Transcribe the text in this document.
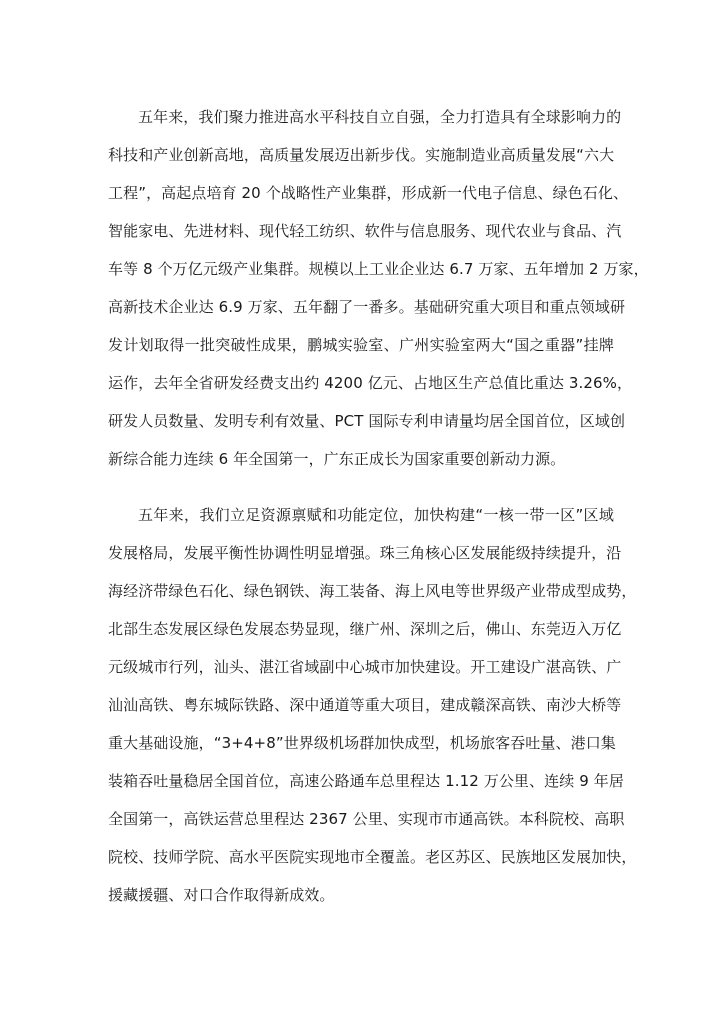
五年来，我们聚力推进高水平科技自立自强，全力打造具有全球影响力的
科技和产业创新高地，高质量发展迈出新步伐。实施制造业高质量发展“六大
工程”，高起点培育 20 个战略性产业集群，形成新一代电子信息、绿色石化、
智能家电、先进材料、现代轻工纺织、软件与信息服务、现代农业与食品、汽
车等 8 个万亿元级产业集群。规模以上工业企业达 6.7 万家、五年增加 2 万家，
高新技术企业达 6.9 万家、五年翻了一番多。基础研究重大项目和重点领域研
发计划取得一批突破性成果，鹏城实验室、广州实验室两大“国之重器”挂牌
运作，去年全省研发经费支出约 4200 亿元、占地区生产总值比重达 3.26%，
研发人员数量、发明专利有效量、PCT 国际专利申请量均居全国首位，区域创
新综合能力连续 6 年全国第一，广东正成长为国家重要创新动力源。

五年来，我们立足资源禀赋和功能定位，加快构建“一核一带一区”区域
发展格局，发展平衡性协调性明显增强。珠三角核心区发展能级持续提升，沿
海经济带绿色石化、绿色钢铁、海工装备、海上风电等世界级产业带成型成势，
北部生态发展区绿色发展态势显现，继广州、深圳之后，佛山、东莞迈入万亿
元级城市行列，汕头、湛江省域副中心城市加快建设。开工建设广湛高铁、广
汕汕高铁、粤东城际铁路、深中通道等重大项目，建成赣深高铁、南沙大桥等
重大基础设施，“3+4+8”世界级机场群加快成型，机场旅客吞吐量、港口集
装箱吞吐量稳居全国首位，高速公路通车总里程达 1.12 万公里、连续 9 年居
全国第一，高铁运营总里程达 2367 公里、实现市市通高铁。本科院校、高职
院校、技师学院、高水平医院实现地市全覆盖。老区苏区、民族地区发展加快，
援藏援疆、对口合作取得新成效。
